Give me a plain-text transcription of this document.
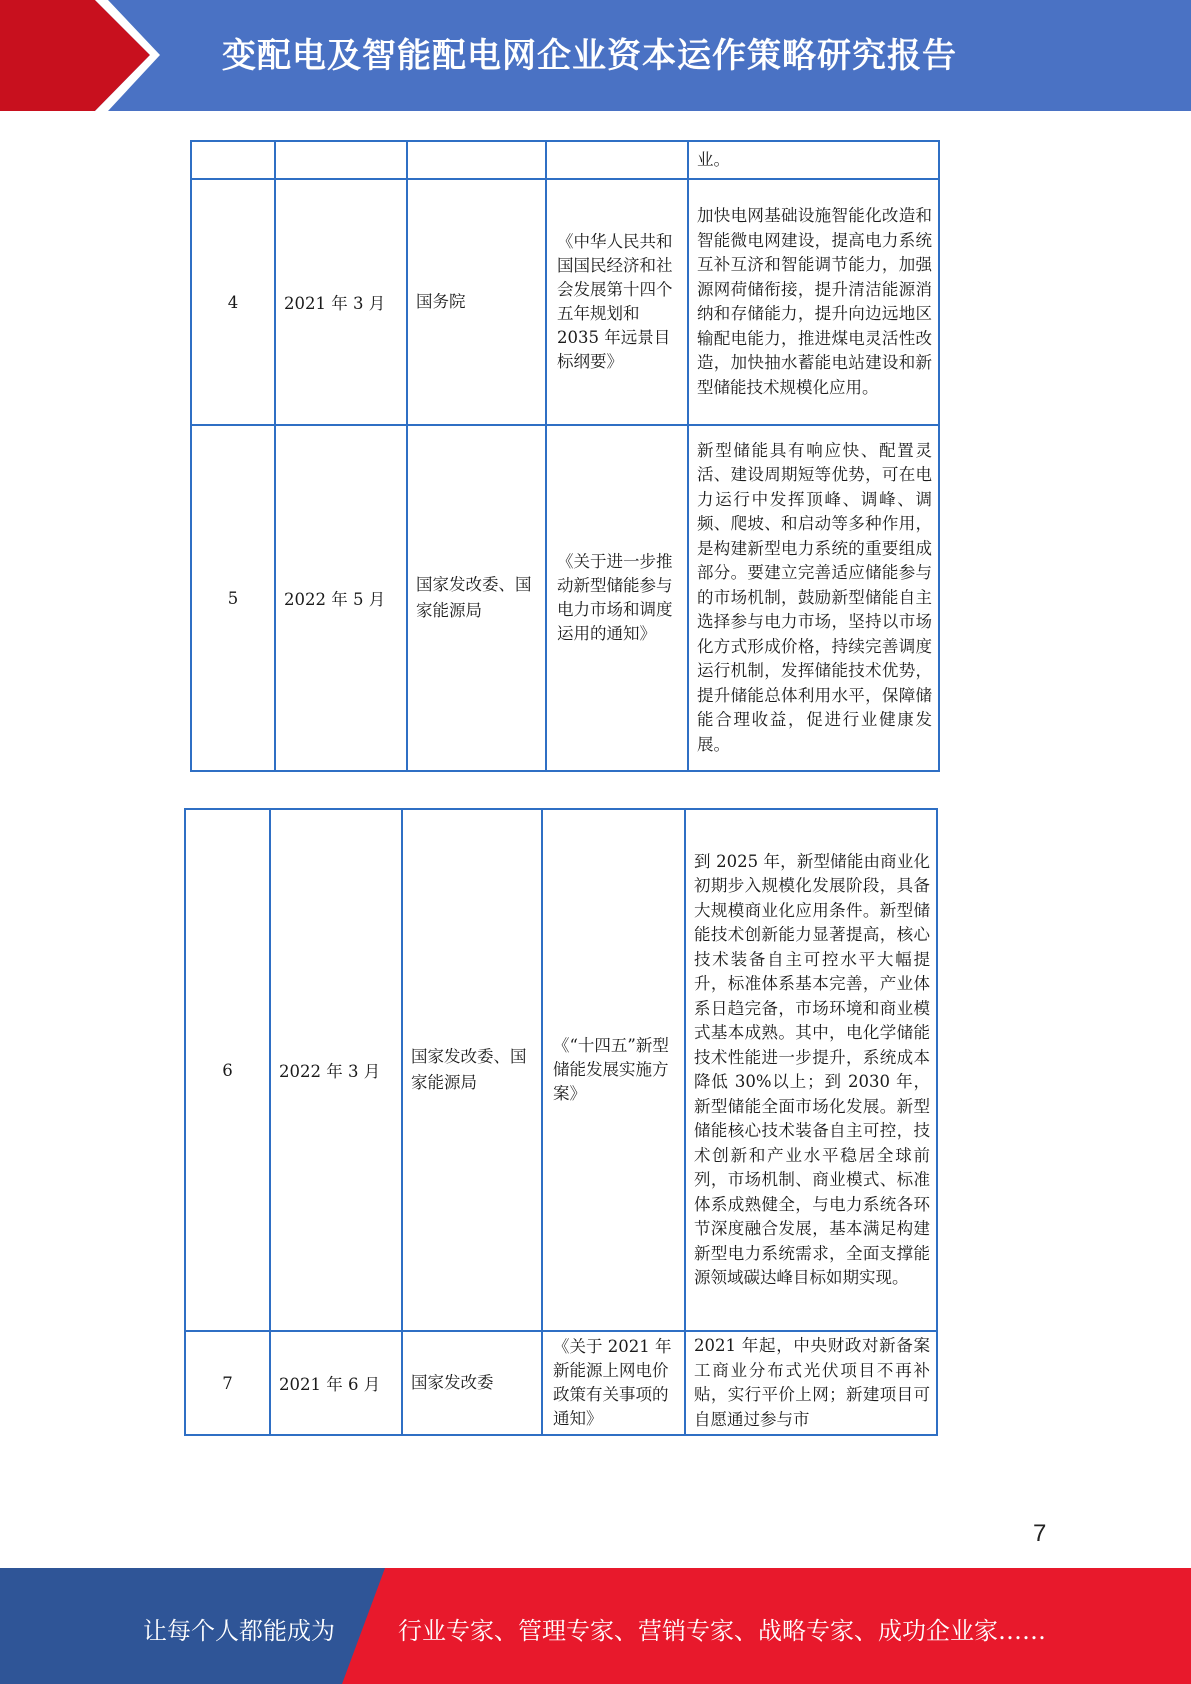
变配电及智能配电网企业资本运作策略研究报告
				业。
4	2021 年 3 月	国务院	《中华人民共和国国民经济和社会发展第十四个五年规划和 2035 年远景目标纲要》	加快电网基础设施智能化改造和智能微电网建设，提高电力系统互补互济和智能调节能力，加强源网荷储衔接，提升清洁能源消纳和存储能力，提升向边远地区输配电能力，推进煤电灵活性改造，加快抽水蓄能电站建设和新型储能技术规模化应用。
5	2022 年 5 月	国家发改委、国家能源局	《关于进一步推动新型储能参与电力市场和调度运用的通知》	新型储能具有响应快、配置灵活、建设周期短等优势，可在电力运行中发挥顶峰、调峰、调频、爬坡、和启动等多种作用，是构建新型电力系统的重要组成部分。要建立完善适应储能参与的市场机制，鼓励新型储能自主选择参与电力市场，坚持以市场化方式形成价格，持续完善调度运行机制，发挥储能技术优势，提升储能总体利用水平，保障储能合理收益，促进行业健康发展。
6	2022 年 3 月	国家发改委、国家能源局	《“十四五”新型储能发展实施方案》	到 2025 年，新型储能由商业化初期步入规模化发展阶段，具备大规模商业化应用条件。新型储能技术创新能力显著提高，核心技术装备自主可控水平大幅提升，标准体系基本完善，产业体系日趋完备，市场环境和商业模式基本成熟。其中，电化学储能技术性能进一步提升，系统成本降低 30%以上；到 2030 年，新型储能全面市场化发展。新型储能核心技术装备自主可控，技术创新和产业水平稳居全球前列，市场机制、商业模式、标准体系成熟健全，与电力系统各环节深度融合发展，基本满足构建新型电力系统需求，全面支撑能源领域碳达峰目标如期实现。
7	2021 年 6 月	国家发改委	《关于 2021 年新能源上网电价政策有关事项的通知》	2021 年起，中央财政对新备案工商业分布式光伏项目不再补贴，实行平价上网；新建项目可自愿通过参与市
7
让每个人都能成为	行业专家、管理专家、营销专家、战略专家、成功企业家……
